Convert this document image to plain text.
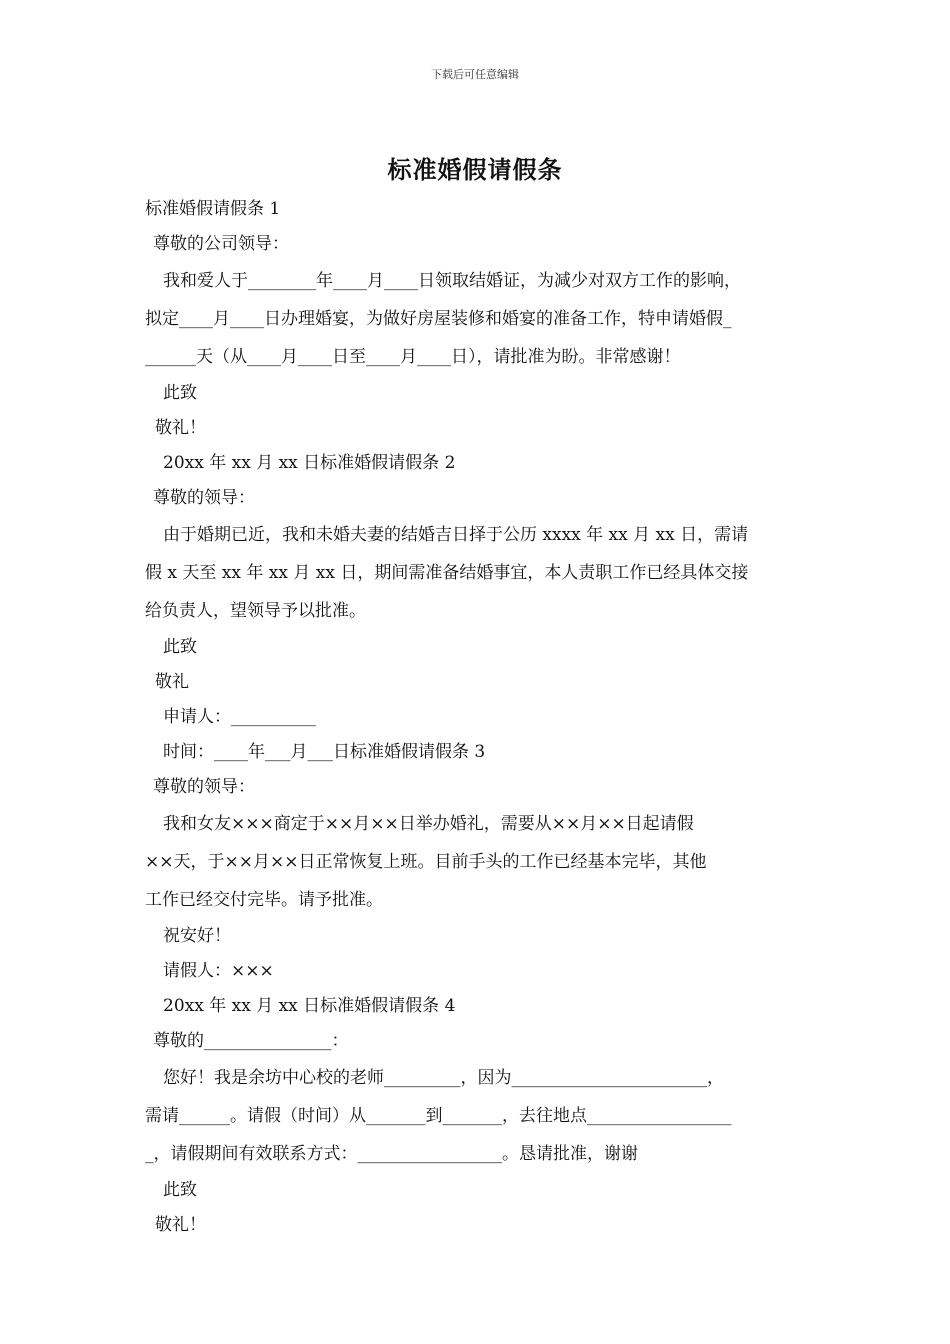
下载后可任意编辑
标准婚假请假条
标准婚假请假条 1
尊敬的公司领导：
我和爱人于________年____月____日领取结婚证，为减少对双方工作的影响，
拟定____月____日办理婚宴，为做好房屋装修和婚宴的准备工作，特申请婚假_
______天（从____月____日至____月____日），请批准为盼。非常感谢！
此致
敬礼！
20xx 年 xx 月 xx 日标准婚假请假条 2
尊敬的领导：
由于婚期已近，我和未婚夫妻的结婚吉日择于公历 xxxx 年 xx 月 xx 日，需请
假 x 天至 xx 年 xx 月 xx 日，期间需准备结婚事宜，本人责职工作已经具体交接
给负责人，望领导予以批准。
此致
敬礼
申请人：__________
时间：____年___月___日标准婚假请假条 3
尊敬的领导：
我和女友×××商定于××月××日举办婚礼，需要从××月××日起请假
××天，于××月××日正常恢复上班。目前手头的工作已经基本完毕，其他
工作已经交付完毕。请予批准。
祝安好！
请假人：×××
20xx 年 xx 月 xx 日标准婚假请假条 4
尊敬的_______________：
您好！我是余坊中心校的老师_________，因为_______________________，
需请______。请假（时间）从_______到_______，去往地点_________________
_，请假期间有效联系方式：_________________。恳请批准，谢谢
此致
敬礼！
